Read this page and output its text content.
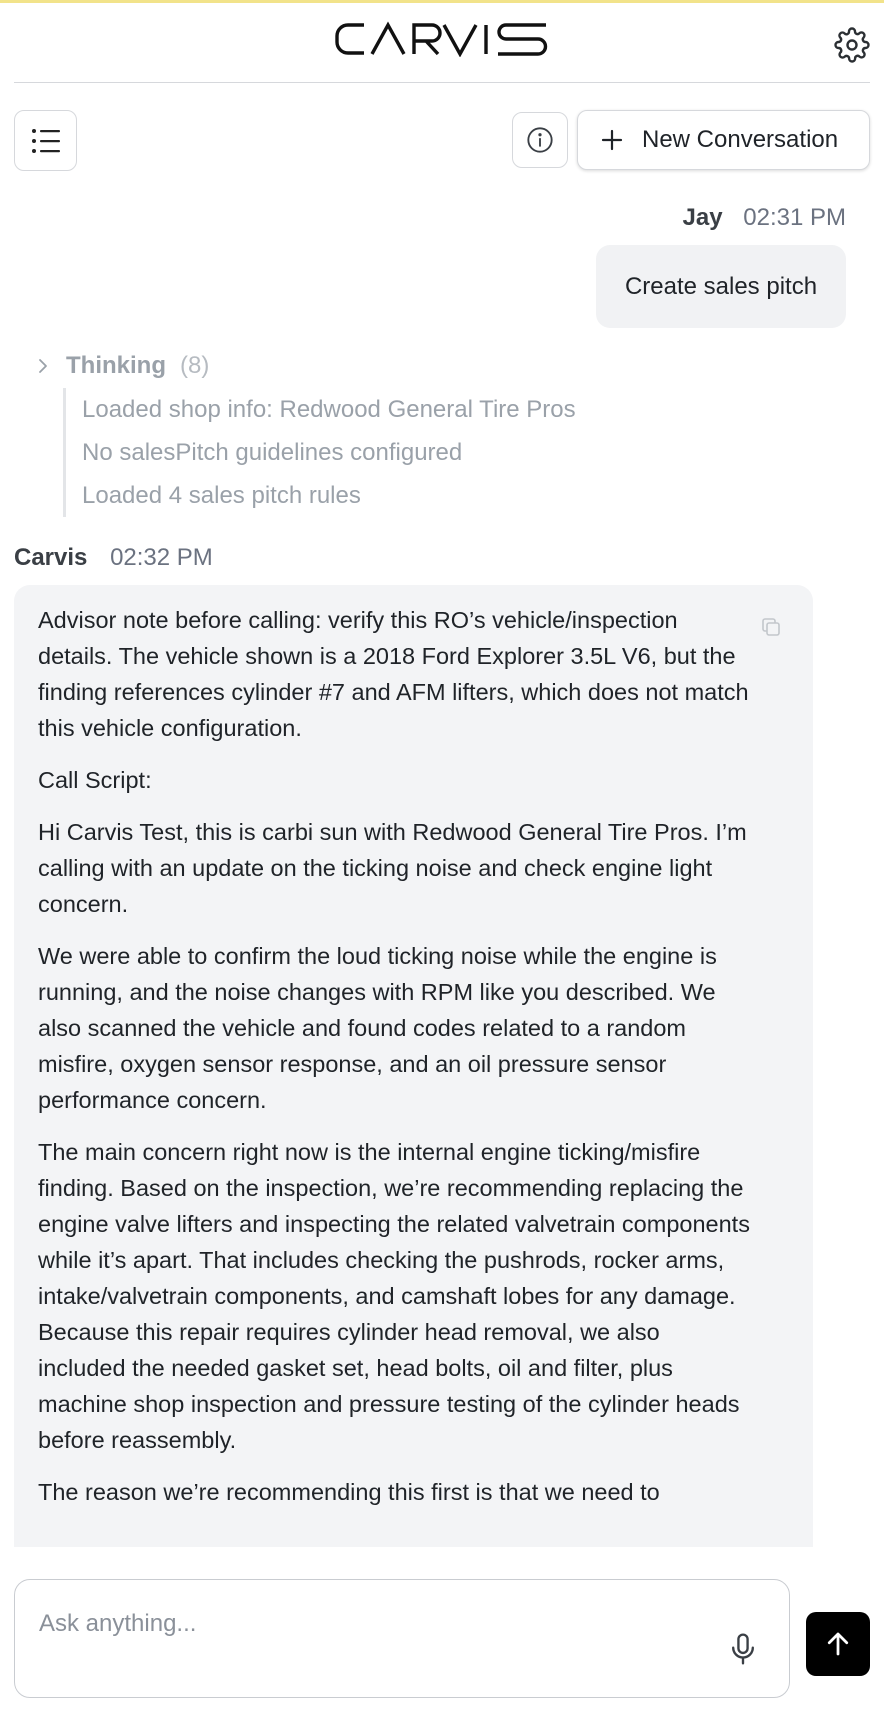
New Conversation
Jay 02:31 PM
Create sales pitch
Thinking (8)
Loaded shop info: Redwood General Tire Pros
No salesPitch guidelines configured
Loaded 4 sales pitch rules
Carvis 02:32 PM

Advisor note before calling: verify this RO’s vehicle/inspection details. The vehicle shown is a 2018 Ford Explorer 3.5L V6, but the finding references cylinder #7 and AFM lifters, which does not match this vehicle configuration.

Call Script:

Hi Carvis Test, this is carbi sun with Redwood General Tire Pros. I’m calling with an update on the ticking noise and check engine light concern.

We were able to confirm the loud ticking noise while the engine is running, and the noise changes with RPM like you described. We also scanned the vehicle and found codes related to a random misfire, oxygen sensor response, and an oil pressure sensor performance concern.

The main concern right now is the internal engine ticking/misfire finding. Based on the inspection, we’re recommending replacing the engine valve lifters and inspecting the related valvetrain components while it’s apart. That includes checking the pushrods, rocker arms, intake/valvetrain components, and camshaft lobes for any damage. Because this repair requires cylinder head removal, we also included the needed gasket set, head bolts, oil and filter, plus machine shop inspection and pressure testing of the cylinder heads before reassembly.

The reason we’re recommending this first is that we need to

Ask anything...
